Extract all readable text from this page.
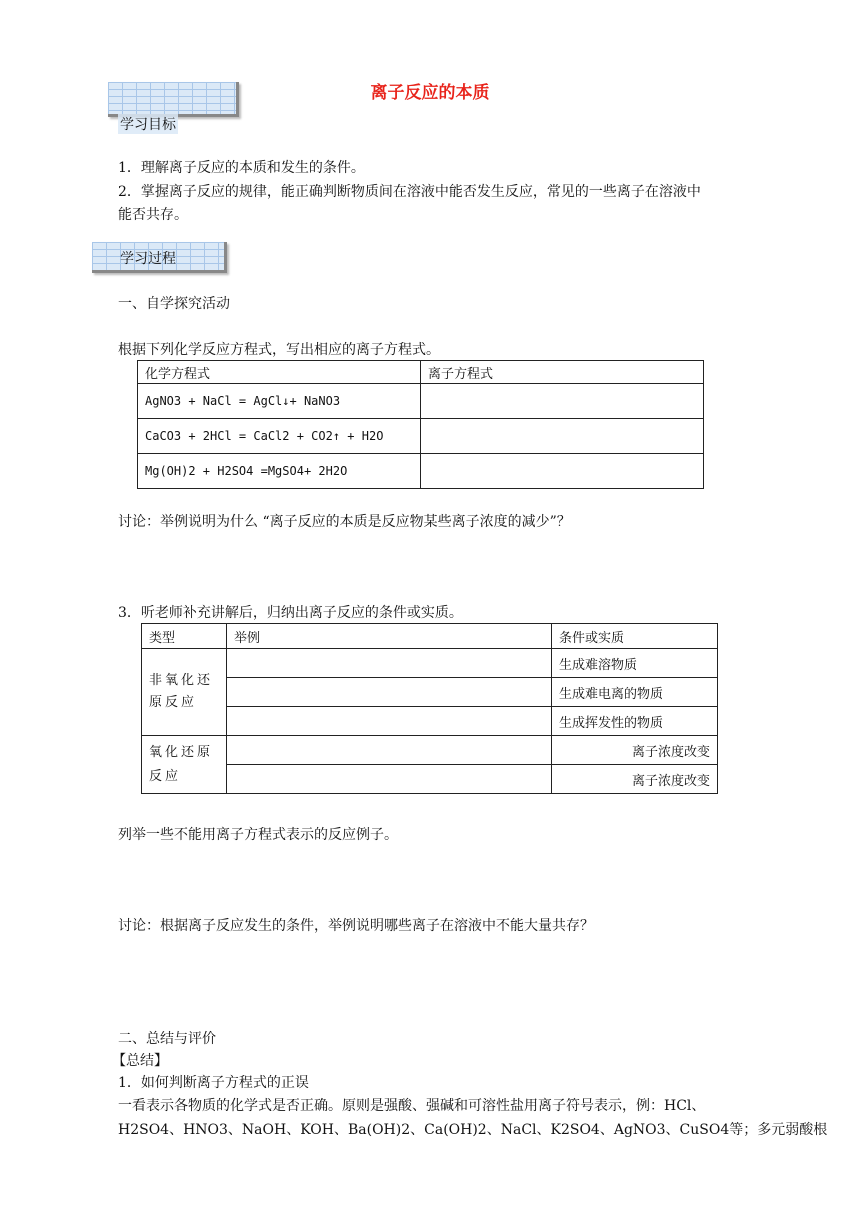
离子反应的本质
学习目标
1．理解离子反应的本质和发生的条件。
2．掌握离子反应的规律，能正确判断物质间在溶液中能否发生反应，常见的一些离子在溶液中
能否共存。
学习过程
一、自学探究活动
根据下列化学反应方程式，写出相应的离子方程式。
化学方程式	离子方程式
AgNO3 + NaCl = AgCl↓+ NaNO3	
CaCO3 + 2HCl = CaCl2 + CO2↑ + H2O	
Mg(OH)2 + H2SO4 =MgSO4+ 2H2O	
讨论：举例说明为什么 “离子反应的本质是反应物某些离子浓度的减少”？
3．听老师补充讲解后，归纳出离子反应的条件或实质。
类型	举例	条件或实质
非氧化还原反应		生成难溶物质
		生成难电离的物质
		生成挥发性的物质
氧化还原反应		离子浓度改变
		离子浓度改变
列举一些不能用离子方程式表示的反应例子。
讨论：根据离子反应发生的条件，举例说明哪些离子在溶液中不能大量共存？
二、总结与评价
【总结】
1．如何判断离子方程式的正误
一看表示各物质的化学式是否正确。原则是强酸、强碱和可溶性盐用离子符号表示，例：HCl、
H2SO4、HNO3、NaOH、KOH、Ba(OH)2、Ca(OH)2、NaCl、K2SO4、AgNO3、CuSO4等；多元弱酸根
